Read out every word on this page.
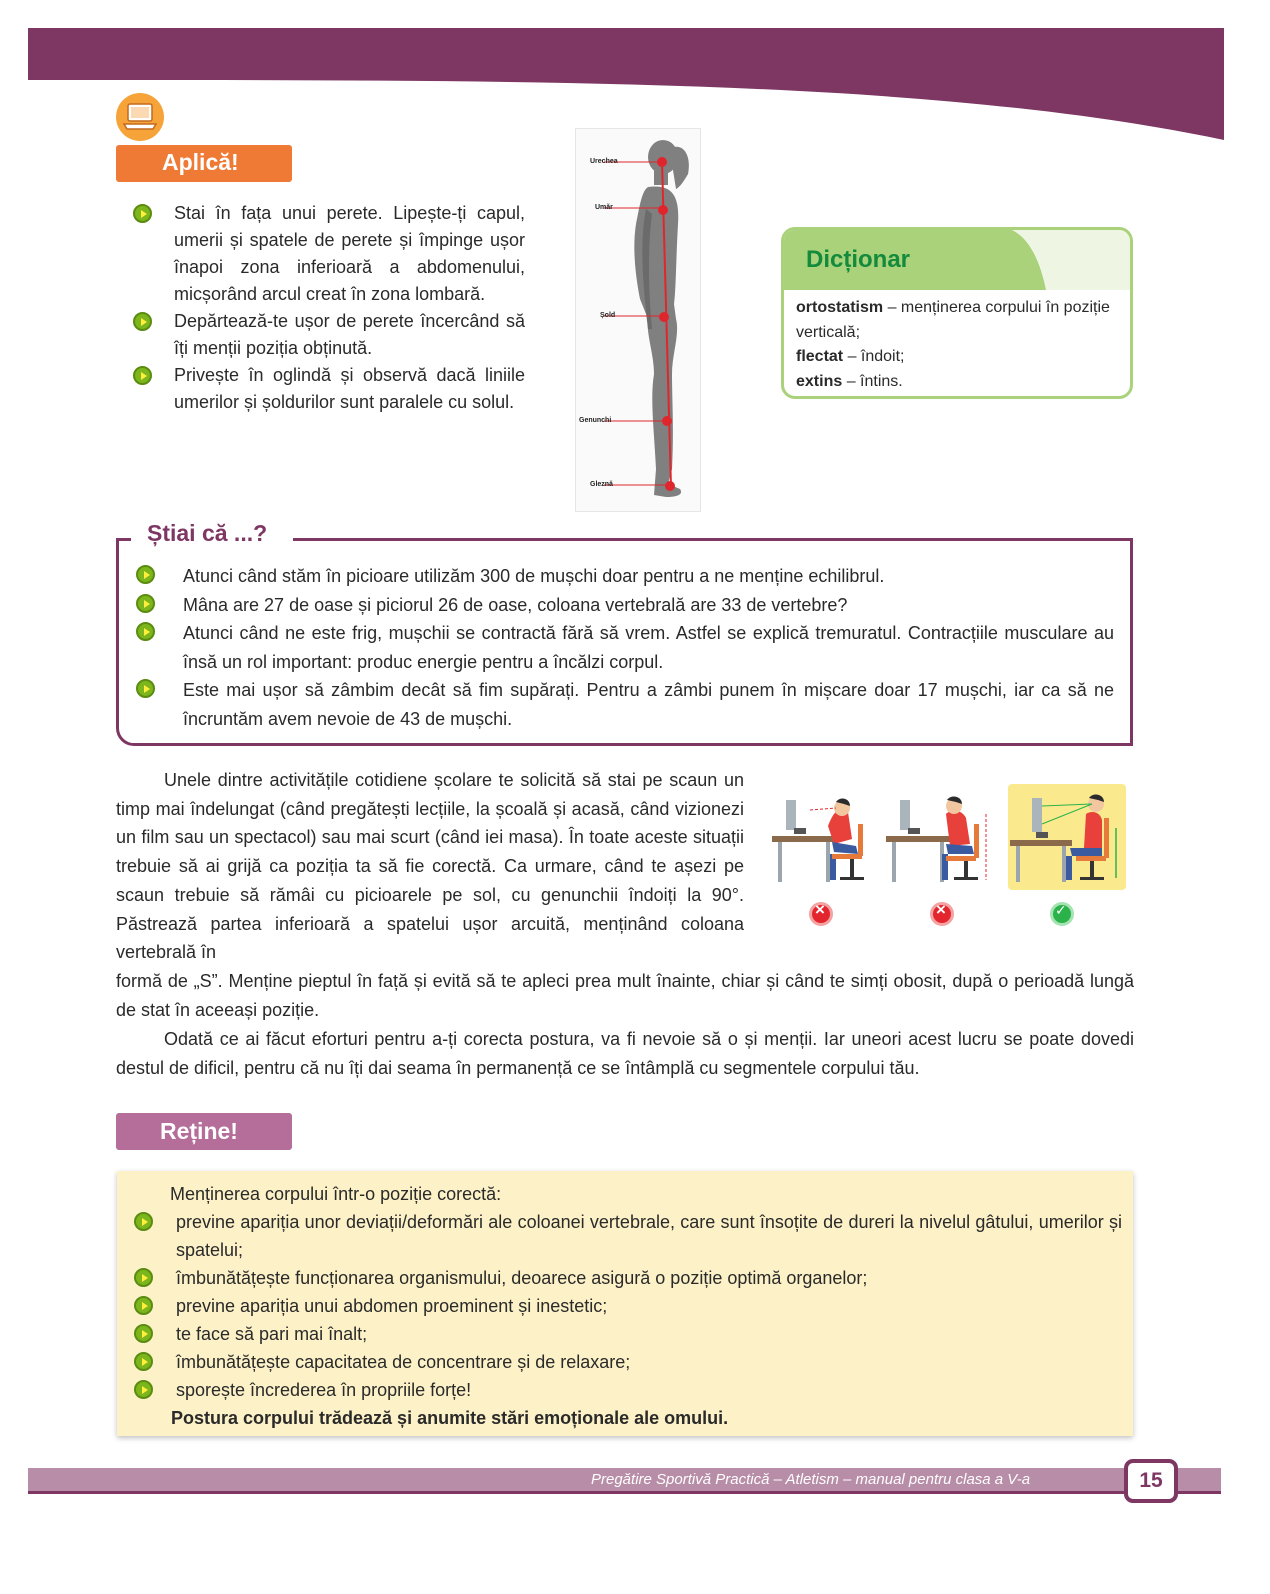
Aplică!
Stai în fața unui perete. Lipește-ți capul, umerii și spatele de perete și împinge ușor înapoi zona inferioară a abdomenului, micșorând arcul creat în zona lombară.
Depărtează-te ușor de perete încercând să îți menții poziția obținută.
Privește în oglindă și observă dacă liniile umerilor și șoldurilor sunt paralele cu solul.
Urechea
Umăr
Șold
Genunchi
Gleznă
Dicționar
ortostatism – menținerea corpului în poziție verticală;
flectat – îndoit;
extins – întins.
Știai că ...?
Atunci când stăm în picioare utilizăm 300 de mușchi doar pentru a ne menține echilibrul.
Mâna are 27 de oase și piciorul 26 de oase, coloana vertebrală are 33 de vertebre?
Atunci când ne este frig, mușchii se contractă fără să vrem. Astfel se explică tremuratul. Contracțiile musculare au însă un rol important: produc energie pentru a încălzi corpul.
Este mai ușor să zâmbim decât să fim supărați. Pentru a zâmbi punem în mișcare doar 17 mușchi, iar ca să ne încruntăm avem nevoie de 43 de mușchi.

Unele dintre activitățile cotidiene școlare te solicită să stai pe scaun un timp mai îndelungat (când pregătești lecțiile, la școală și acasă, când vizionezi un film sau un spectacol) sau mai scurt (când iei masa). În toate aceste situații trebuie să ai grijă ca poziția ta să fie corectă. Ca urmare, când te așezi pe scaun trebuie să rămâi cu picioarele pe sol, cu genunchii îndoiți la 90°. Păstrează partea inferioară a spatelui ușor arcuită, menținând coloana vertebrală în

formă de „S”. Menține pieptul în față și evită să te apleci prea mult înainte, chiar și când te simți obosit, după o perioadă lungă de stat în aceeași poziție.

Odată ce ai făcut eforturi pentru a-ți corecta postura, va fi nevoie să o și menții. Iar uneori acest lucru se poate dovedi destul de dificil, pentru că nu îți dai seama în permanență ce se întâmplă cu segmentele corpului tău.

×
×
✓
Reține!
Menținerea corpului într-o poziție corectă:
previne apariția unor deviații/deformări ale coloanei vertebrale, care sunt însoțite de dureri la nivelul gâtului, umerilor și spatelui;
îmbunătățește funcționarea organismului, deoarece asigură o poziție optimă organelor;
previne apariția unui abdomen proeminent și inestetic;
te face să pari mai înalt;
îmbunătățește capacitatea de concentrare și de relaxare;
sporește încrederea în propriile forțe!
Postura corpului trădează și anumite stări emoționale ale omului.
Pregătire Sportivă Practică – Atletism – manual pentru clasa a V-a	15
